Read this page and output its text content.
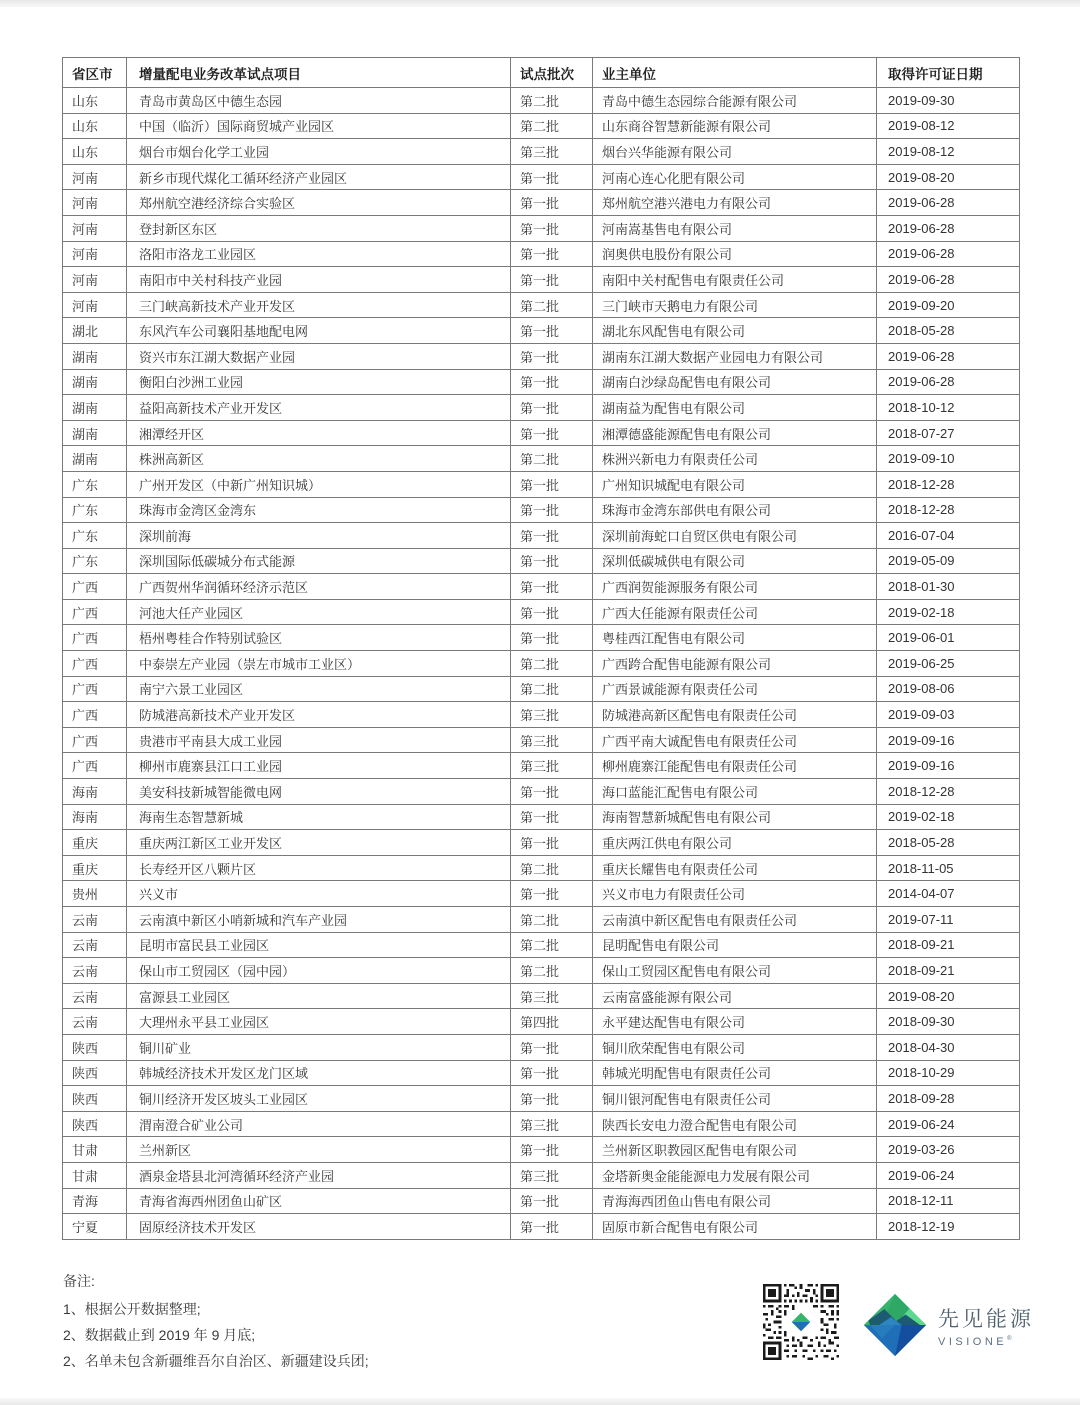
省区市	增量配电业务改革试点项目	试点批次	业主单位	取得许可证日期
山东	青岛市黄岛区中德生态园	第二批	青岛中德生态园综合能源有限公司	2019-09-30
山东	中国（临沂）国际商贸城产业园区	第二批	山东商谷智慧新能源有限公司	2019-08-12
山东	烟台市烟台化学工业园	第三批	烟台兴华能源有限公司	2019-08-12
河南	新乡市现代煤化工循环经济产业园区	第一批	河南心连心化肥有限公司	2019-08-20
河南	郑州航空港经济综合实验区	第一批	郑州航空港兴港电力有限公司	2019-06-28
河南	登封新区东区	第一批	河南嵩基售电有限公司	2019-06-28
河南	洛阳市洛龙工业园区	第一批	润奥供电股份有限公司	2019-06-28
河南	南阳市中关村科技产业园	第一批	南阳中关村配售电有限责任公司	2019-06-28
河南	三门峡高新技术产业开发区	第二批	三门峡市天鹅电力有限公司	2019-09-20
湖北	东风汽车公司襄阳基地配电网	第一批	湖北东风配售电有限公司	2018-05-28
湖南	资兴市东江湖大数据产业园	第一批	湖南东江湖大数据产业园电力有限公司	2019-06-28
湖南	衡阳白沙洲工业园	第一批	湖南白沙绿岛配售电有限公司	2019-06-28
湖南	益阳高新技术产业开发区	第一批	湖南益为配售电有限公司	2018-10-12
湖南	湘潭经开区	第一批	湘潭德盛能源配售电有限公司	2018-07-27
湖南	株洲高新区	第二批	株洲兴新电力有限责任公司	2019-09-10
广东	广州开发区（中新广州知识城）	第一批	广州知识城配电有限公司	2018-12-28
广东	珠海市金湾区金湾东	第一批	珠海市金湾东部供电有限公司	2018-12-28
广东	深圳前海	第一批	深圳前海蛇口自贸区供电有限公司	2016-07-04
广东	深圳国际低碳城分布式能源	第一批	深圳低碳城供电有限公司	2019-05-09
广西	广西贺州华润循环经济示范区	第一批	广西润贺能源服务有限公司	2018-01-30
广西	河池大任产业园区	第一批	广西大任能源有限责任公司	2019-02-18
广西	梧州粤桂合作特别试验区	第一批	粤桂西江配售电有限公司	2019-06-01
广西	中泰崇左产业园（崇左市城市工业区）	第二批	广西跨合配售电能源有限公司	2019-06-25
广西	南宁六景工业园区	第二批	广西景诚能源有限责任公司	2019-08-06
广西	防城港高新技术产业开发区	第三批	防城港高新区配售电有限责任公司	2019-09-03
广西	贵港市平南县大成工业园	第三批	广西平南大诚配售电有限责任公司	2019-09-16
广西	柳州市鹿寨县江口工业园	第三批	柳州鹿寨江能配售电有限责任公司	2019-09-16
海南	美安科技新城智能微电网	第一批	海口蓝能汇配售电有限公司	2018-12-28
海南	海南生态智慧新城	第一批	海南智慧新城配售电有限公司	2019-02-18
重庆	重庆两江新区工业开发区	第一批	重庆两江供电有限公司	2018-05-28
重庆	长寿经开区八颗片区	第二批	重庆长耀售电有限责任公司	2018-11-05
贵州	兴义市	第一批	兴义市电力有限责任公司	2014-04-07
云南	云南滇中新区小哨新城和汽车产业园	第二批	云南滇中新区配售电有限责任公司	2019-07-11
云南	昆明市富民县工业园区	第二批	昆明配售电有限公司	2018-09-21
云南	保山市工贸园区（园中园）	第二批	保山工贸园区配售电有限公司	2018-09-21
云南	富源县工业园区	第三批	云南富盛能源有限公司	2019-08-20
云南	大理州永平县工业园区	第四批	永平建达配售电有限公司	2018-09-30
陕西	铜川矿业	第一批	铜川欣荣配售电有限公司	2018-04-30
陕西	韩城经济技术开发区龙门区域	第一批	韩城光明配售电有限责任公司	2018-10-29
陕西	铜川经济开发区坡头工业园区	第一批	铜川银河配售电有限责任公司	2018-09-28
陕西	渭南澄合矿业公司	第三批	陕西长安电力澄合配售电有限公司	2019-06-24
甘肃	兰州新区	第一批	兰州新区职教园区配售电有限公司	2019-03-26
甘肃	酒泉金塔县北河湾循环经济产业园	第三批	金塔新奥金能能源电力发展有限公司	2019-06-24
青海	青海省海西州团鱼山矿区	第一批	青海海西团鱼山售电有限公司	2018-12-11
宁夏	固原经济技术开发区	第一批	固原市新合配售电有限公司	2018-12-19
备注:
1、根据公开数据整理;
2、数据截止到 2019 年 9 月底;
2、名单未包含新疆维吾尔自治区、新疆建设兵团;
先见能源
VISIONE®
